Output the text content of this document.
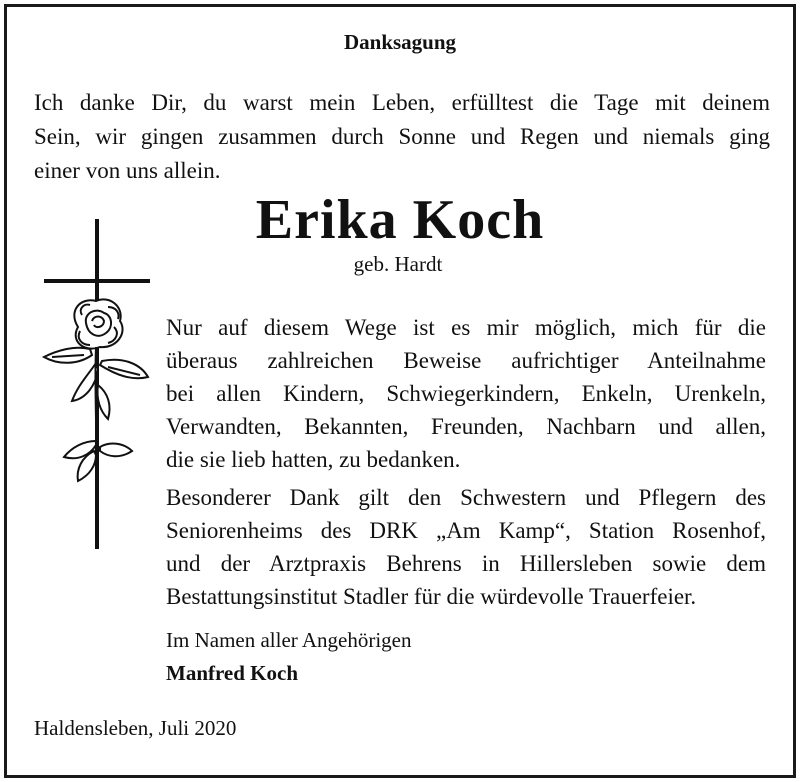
Danksagung
Ich danke Dir, du warst mein Leben, erfülltest die Tage mit deinem
Sein, wir gingen zusammen durch Sonne und Regen und niemals ging
einer von uns allein.
Erika Koch
geb. Hardt
Nur auf diesem Wege ist es mir möglich, mich für die
überaus zahlreichen Beweise aufrichtiger Anteilnahme
bei allen Kindern, Schwiegerkindern, Enkeln, Urenkeln,
Verwandten, Bekannten, Freunden, Nachbarn und allen,
die sie lieb hatten, zu bedanken.
Besonderer Dank gilt den Schwestern und Pflegern des
Seniorenheims des DRK „Am Kamp“, Station Rosenhof,
und der Arztpraxis Behrens in Hillersleben sowie dem
Bestattungsinstitut Stadler für die würdevolle Trauerfeier.
Im Namen aller Angehörigen
Manfred Koch
Haldensleben, Juli 2020
